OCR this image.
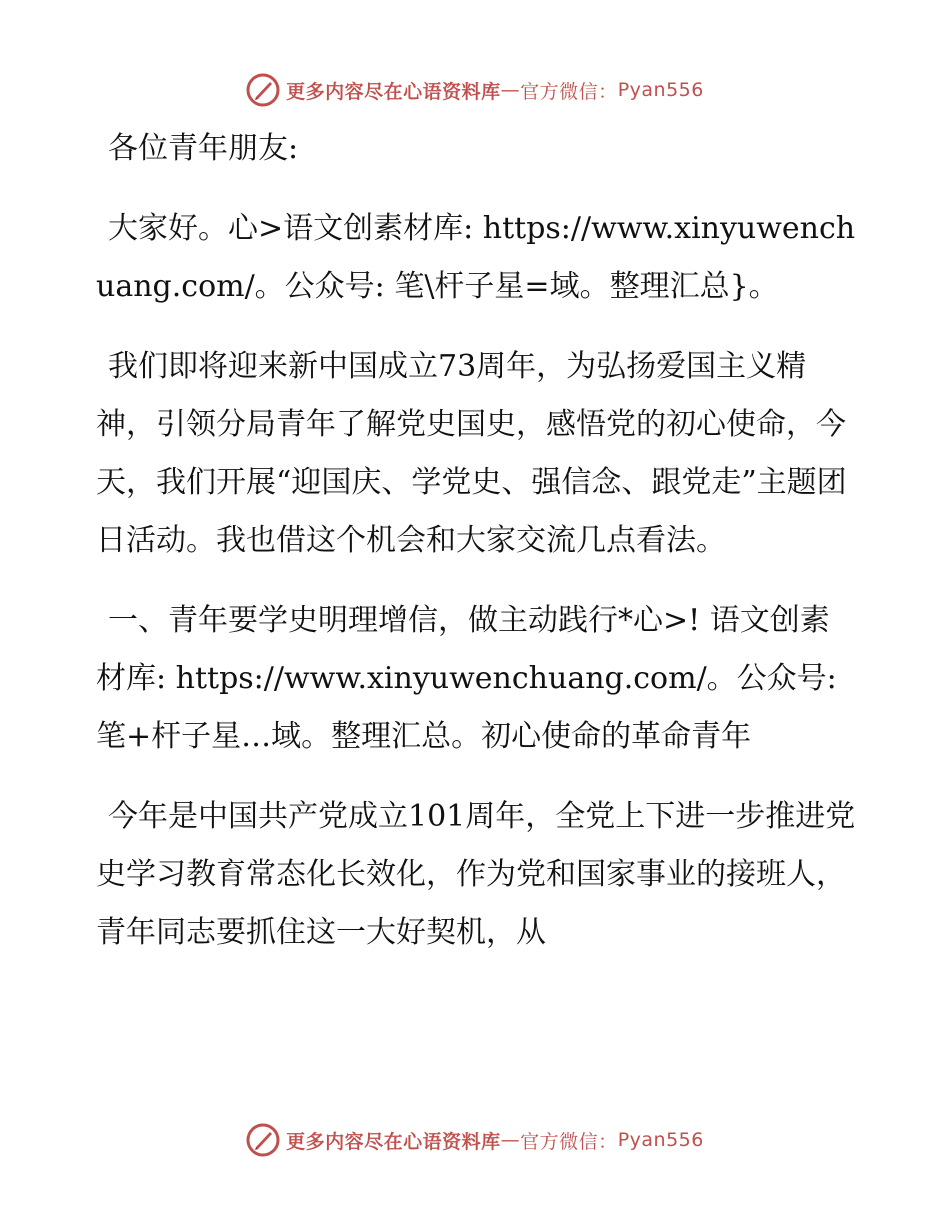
更多内容尽在心语资料库 — 官方微信： Pyan556

各位青年朋友:

大家好。心>语文创素材库: https://www.xinyuwenchuang.com/。公众号: 笔\杆子星=域。整理汇总}。

我们即将迎来新中国成立73周年，为弘扬爱国主义精神，引领分局青年了解党史国史，感悟党的初心使命，今天，我们开展“迎国庆、学党史、强信念、跟党走”主题团日活动。我也借这个机会和大家交流几点看法。

一、青年要学史明理增信，做主动践行*心>! 语文创素材库: https://www.xinyuwenchuang.com/。公众号: 笔+杆子星…域。整理汇总。初心使命的革命青年

今年是中国共产党成立101周年，全党上下进一步推进党史学习教育常态化长效化，作为党和国家事业的接班人，青年同志要抓住这一大好契机，从

更多内容尽在心语资料库 — 官方微信： Pyan556
